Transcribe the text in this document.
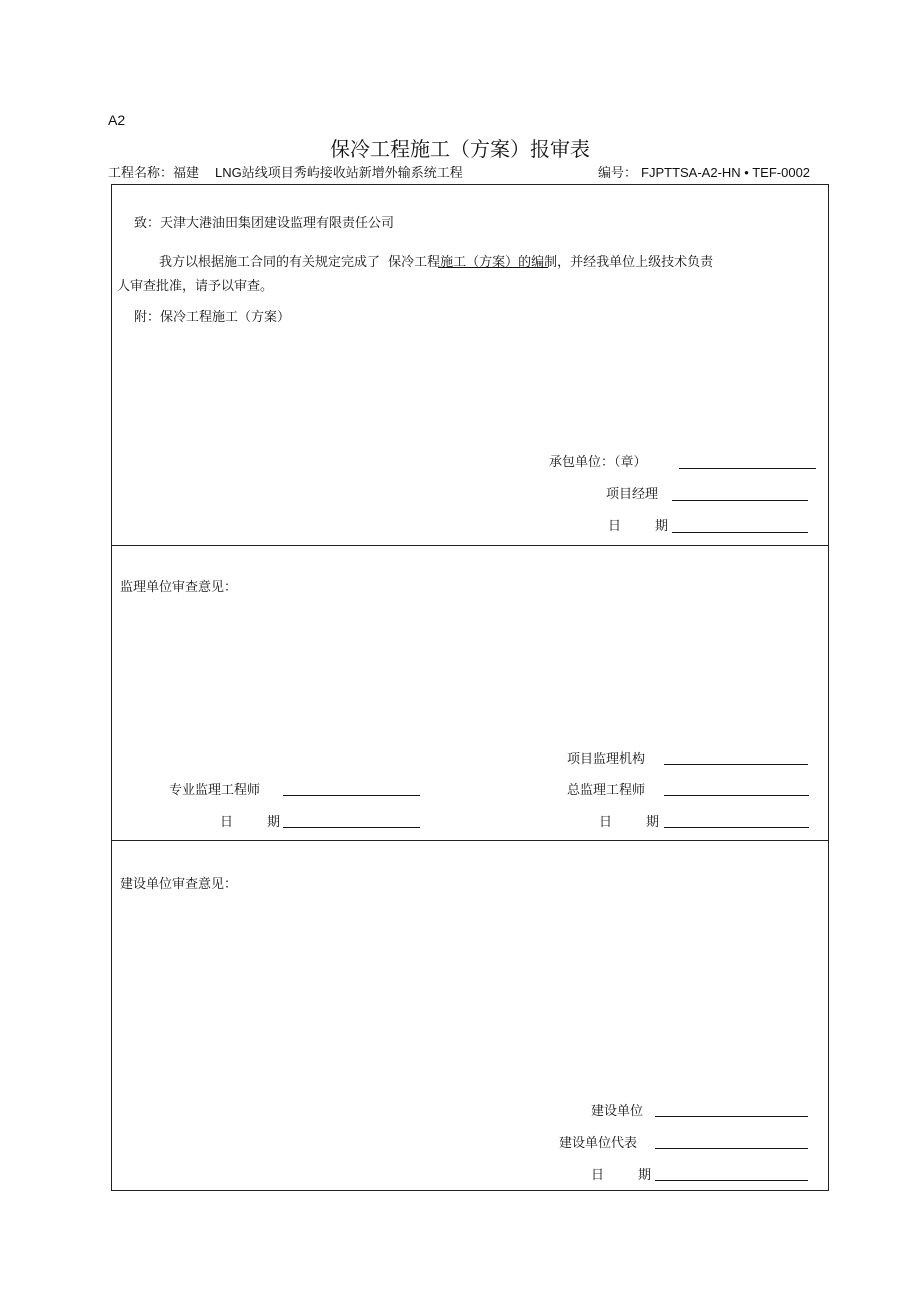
A2
保冷工程施工（方案）报审表
工程名称：福建 LNG站线项目秀屿接收站新增外输系统工程	编号： FJPTTSA-A2-HN • TEF-0002
致：天津大港油田集团建设监理有限责任公司
我方以根据施工合同的有关规定完成了 保冷工程施工（方案）的编制，并经我单位上级技术负责
人审查批准，请予以审查。
附：保冷工程施工（方案）
承包单位：（章）
项目经理
日	期
监理单位审查意见：
项目监理机构
专业监理工程师	总监理工程师
日	期	日	期
建设单位审查意见：
建设单位
建设单位代表
日	期
